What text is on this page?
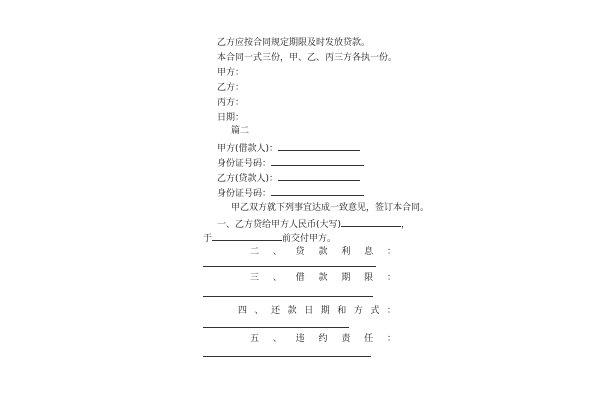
乙方应按合同规定期限及时发放贷款。
本合同一式三份，甲、乙、丙三方各执一份。
甲方：
乙方：
丙方：
日期：
篇二
甲方(借款人)：
身份证号码：
乙方(贷款人)：
身份证号码：
甲乙双方就下列事宜达成一致意见，签订本合同。
一、乙方贷给甲方人民币(大写)	，
于	前交付甲方。
二 、 贷 款 利 息 ：
三 、 借 款 期 限 ：
四 、 还 款 日 期 和 方 式 ：
五 、 违 约 责 任 ：
